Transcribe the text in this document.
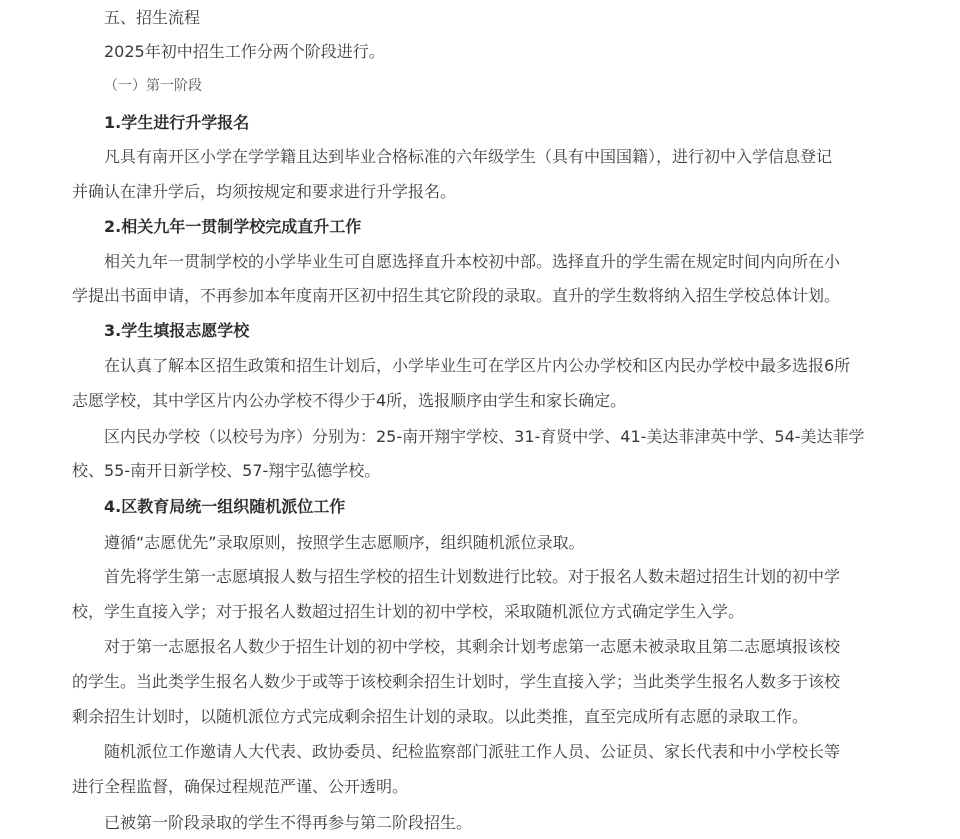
五、招生流程

2025年初中招生工作分两个阶段进行。

（一）第一阶段

1.学生进行升学报名

凡具有南开区小学在学学籍且达到毕业合格标准的六年级学生（具有中国国籍），进行初中入学信息登记

并确认在津升学后，均须按规定和要求进行升学报名。

2.相关九年一贯制学校完成直升工作

相关九年一贯制学校的小学毕业生可自愿选择直升本校初中部。选择直升的学生需在规定时间内向所在小

学提出书面申请，不再参加本年度南开区初中招生其它阶段的录取。直升的学生数将纳入招生学校总体计划。

3.学生填报志愿学校

在认真了解本区招生政策和招生计划后，小学毕业生可在学区片内公办学校和区内民办学校中最多选报6所

志愿学校，其中学区片内公办学校不得少于4所，选报顺序由学生和家长确定。

区内民办学校（以校号为序）分别为：25-南开翔宇学校、31-育贤中学、41-美达菲津英中学、54-美达菲学

校、55-南开日新学校、57-翔宇弘德学校。

4.区教育局统一组织随机派位工作

遵循“志愿优先”录取原则，按照学生志愿顺序，组织随机派位录取。

首先将学生第一志愿填报人数与招生学校的招生计划数进行比较。对于报名人数未超过招生计划的初中学

校，学生直接入学；对于报名人数超过招生计划的初中学校，采取随机派位方式确定学生入学。

对于第一志愿报名人数少于招生计划的初中学校，其剩余计划考虑第一志愿未被录取且第二志愿填报该校

的学生。当此类学生报名人数少于或等于该校剩余招生计划时，学生直接入学；当此类学生报名人数多于该校

剩余招生计划时，以随机派位方式完成剩余招生计划的录取。以此类推，直至完成所有志愿的录取工作。

随机派位工作邀请人大代表、政协委员、纪检监察部门派驻工作人员、公证员、家长代表和中小学校长等

进行全程监督，确保过程规范严谨、公开透明。

已被第一阶段录取的学生不得再参与第二阶段招生。
